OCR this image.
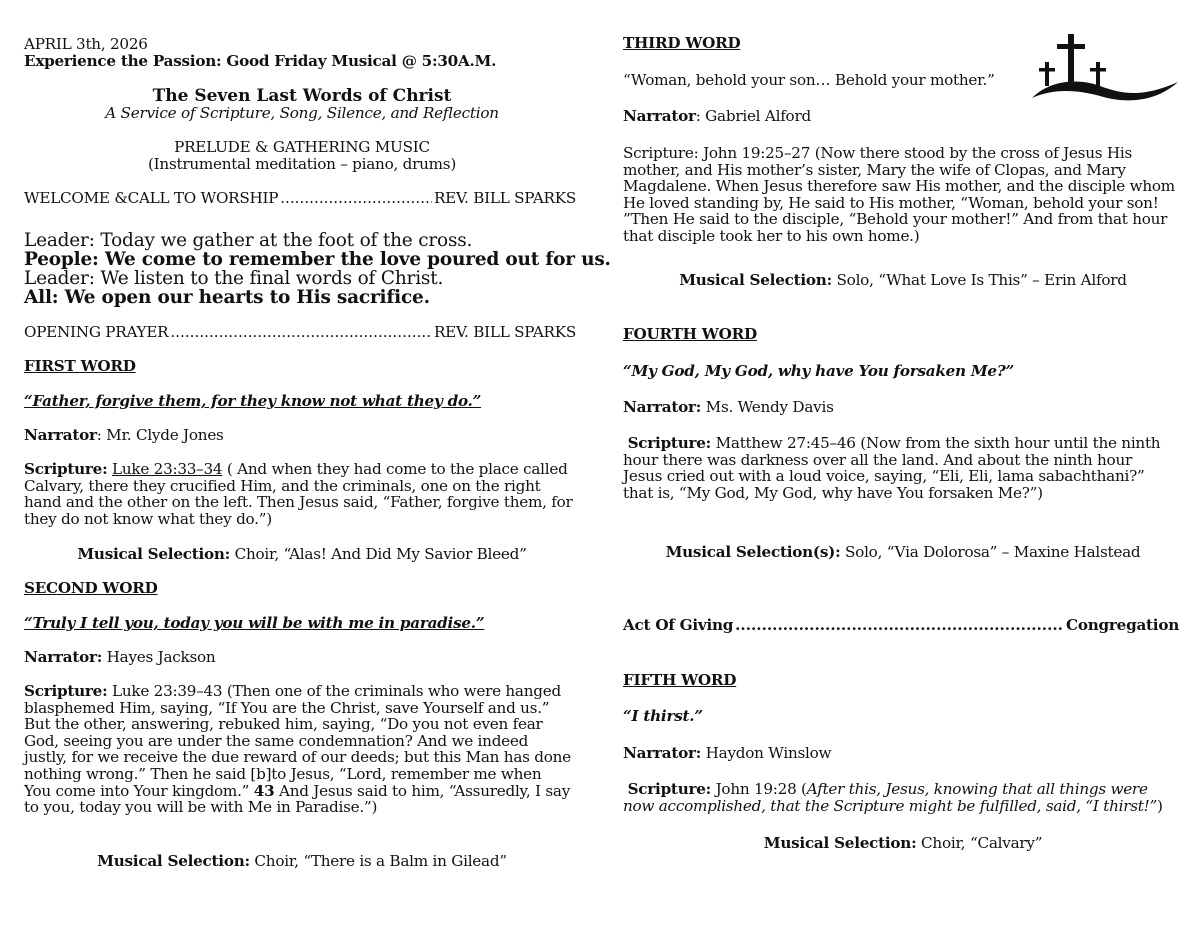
APRIL 3th, 2026
Experience the Passion: Good Friday Musical @ 5:30A.M.
The Seven Last Words of Christ
A Service of Scripture, Song, Silence, and Reflection
PRELUDE & GATHERING MUSIC
(Instrumental meditation – piano, drums)
WELCOME &CALL TO WORSHIP .....	REV. BILL SPARKS
Leader: Today we gather at the foot of the cross.
People: We come to remember the love poured out for us.
Leader: We listen to the final words of Christ.
All: We open our hearts to His sacrifice.
OPENING PRAYER .....	REV. BILL SPARKS
FIRST WORD
“Father, forgive them, for they know not what they do.”
Narrator: Mr. Clyde Jones
Scripture: Luke 23:33–34 ( And when they had come to the place called Calvary, there they crucified Him, and the criminals, one on the right hand and the other on the left. Then Jesus said, “Father, forgive them, for they do not know what they do.”)
Musical Selection: Choir, “Alas! And Did My Savior Bleed”
SECOND WORD
“Truly I tell you, today you will be with me in paradise.”
Narrator: Hayes Jackson
Scripture: Luke 23:39–43 (Then one of the criminals who were hanged blasphemed Him, saying, “If You are the Christ, save Yourself and us.” But the other, answering, rebuked him, saying, “Do you not even fear God, seeing you are under the same condemnation? And we indeed justly, for we receive the due reward of our deeds; but this Man has done nothing wrong.” Then he said [b]to Jesus, “Lord, remember me when You come into Your kingdom.” 43 And Jesus said to him, “Assuredly, I say to you, today you will be with Me in Paradise.”)
Musical Selection: Choir, “There is a Balm in Gilead”
THIRD WORD
“Woman, behold your son… Behold your mother.”
Narrator: Gabriel Alford
Scripture: John 19:25–27 (Now there stood by the cross of Jesus His mother, and His mother’s sister, Mary the wife of Clopas, and Mary Magdalene. When Jesus therefore saw His mother, and the disciple whom He loved standing by, He said to His mother, “Woman, behold your son! ”Then He said to the disciple, “Behold your mother!” And from that hour that disciple took her to his own home.)
Musical Selection: Solo, “What Love Is This” – Erin Alford
FOURTH WORD
“My God, My God, why have You forsaken Me?”
Narrator: Ms. Wendy Davis
Scripture: Matthew 27:45–46 (Now from the sixth hour until the ninth hour there was darkness over all the land. And about the ninth hour Jesus cried out with a loud voice, saying, “Eli, Eli, lama sabachthani?” that is, “My God, My God, why have You forsaken Me?”)
Musical Selection(s): Solo, “Via Dolorosa” – Maxine Halstead
Act Of Giving .....	Congregation
FIFTH WORD
“I thirst.”
Narrator: Haydon Winslow
Scripture: John 19:28 (After this, Jesus, knowing that all things were now accomplished, that the Scripture might be fulfilled, said, “I thirst!”)
Musical Selection: Choir, “Calvary”
